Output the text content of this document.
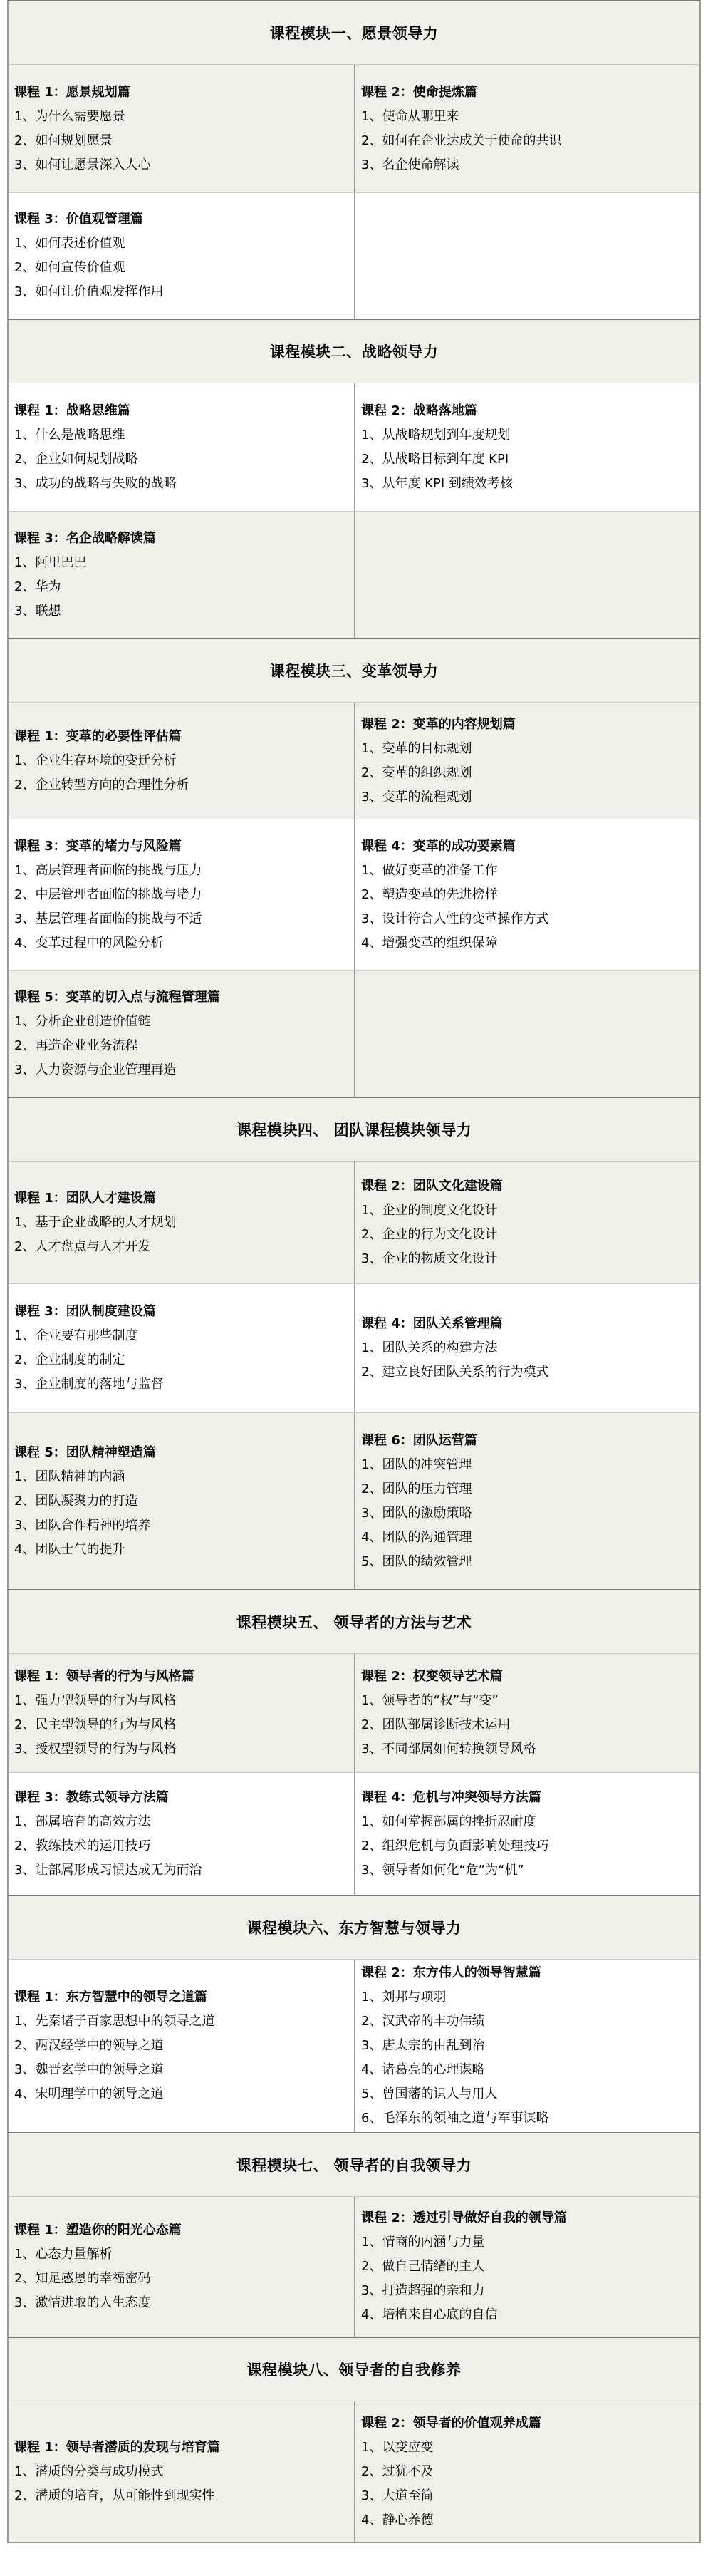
课程模块一、愿景领导力
课程 1：愿景规划篇
1、为什么需要愿景
2、如何规划愿景
3、如何让愿景深入人心
课程 2：使命提炼篇
1、使命从哪里来
2、如何在企业达成关于使命的共识
3、名企使命解读
课程 3：价值观管理篇
1、如何表述价值观
2、如何宣传价值观
3、如何让价值观发挥作用
课程模块二、战略领导力
课程 1：战略思维篇
1、什么是战略思维
2、企业如何规划战略
3、成功的战略与失败的战略
课程 2：战略落地篇
1、从战略规划到年度规划
2、从战略目标到年度 KPI
3、从年度 KPI 到绩效考核
课程 3：名企战略解读篇
1、阿里巴巴
2、华为
3、联想
课程模块三、变革领导力
课程 1：变革的必要性评估篇
1、企业生存环境的变迁分析
2、企业转型方向的合理性分析
课程 2：变革的内容规划篇
1、变革的目标规划
2、变革的组织规划
3、变革的流程规划
课程 3：变革的堵力与风险篇
1、高层管理者面临的挑战与压力
2、中层管理者面临的挑战与堵力
3、基层管理者面临的挑战与不适
4、变革过程中的风险分析
课程 4：变革的成功要素篇
1、做好变革的准备工作
2、塑造变革的先进榜样
3、设计符合人性的变革操作方式
4、增强变革的组织保障
课程 5：变革的切入点与流程管理篇
1、分析企业创造价值链
2、再造企业业务流程
3、人力资源与企业管理再造
课程模块四、 团队课程模块领导力
课程 1：团队人才建设篇
1、基于企业战略的人才规划
2、人才盘点与人才开发
课程 2：团队文化建设篇
1、企业的制度文化设计
2、企业的行为文化设计
3、企业的物质文化设计
课程 3：团队制度建设篇
1、企业要有那些制度
2、企业制度的制定
3、企业制度的落地与监督
课程 4：团队关系管理篇
1、团队关系的构建方法
2、建立良好团队关系的行为模式
课程 5：团队精神塑造篇
1、团队精神的内涵
2、团队凝聚力的打造
3、团队合作精神的培养
4、团队士气的提升
课程 6：团队运营篇
1、团队的冲突管理
2、团队的压力管理
3、团队的激励策略
4、团队的沟通管理
5、团队的绩效管理
课程模块五、 领导者的方法与艺术
课程 1：领导者的行为与风格篇
1、强力型领导的行为与风格
2、民主型领导的行为与风格
3、授权型领导的行为与风格
课程 2：权变领导艺术篇
1、领导者的“权”与“变”
2、团队部属诊断技术运用
3、不同部属如何转换领导风格
课程 3：教练式领导方法篇
1、部属培育的高效方法
2、教练技术的运用技巧
3、让部属形成习惯达成无为而治
课程 4：危机与冲突领导方法篇
1、如何掌握部属的挫折忍耐度
2、组织危机与负面影响处理技巧
3、领导者如何化“危”为“机”
课程模块六、东方智慧与领导力
课程 1：东方智慧中的领导之道篇
1、先秦诸子百家思想中的领导之道
2、两汉经学中的领导之道
3、魏晋玄学中的领导之道
4、宋明理学中的领导之道
课程 2：东方伟人的领导智慧篇
1、刘邦与项羽
2、汉武帝的丰功伟绩
3、唐太宗的由乱到治
4、诸葛亮的心理谋略
5、曾国藩的识人与用人
6、毛泽东的领袖之道与军事谋略
课程模块七、 领导者的自我领导力
课程 1：塑造你的阳光心态篇
1、心态力量解析
2、知足感恩的幸福密码
3、激情进取的人生态度
课程 2：透过引导做好自我的领导篇
1、情商的内涵与力量
2、做自己情绪的主人
3、打造超强的亲和力
4、培植来自心底的自信
课程模块八、领导者的自我修养
课程 1：领导者潜质的发现与培育篇
1、潜质的分类与成功模式
2、潜质的培育，从可能性到现实性
课程 2：领导者的价值观养成篇
1、以变应变
2、过犹不及
3、大道至简
4、静心养德
